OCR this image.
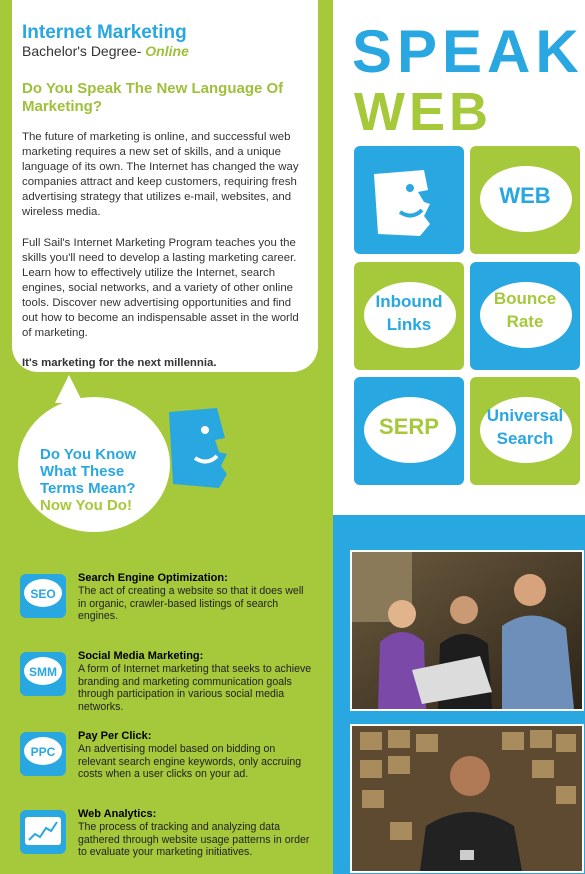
Internet Marketing
Bachelor's Degree- Online
Do You Speak The New Language Of Marketing?

The future of marketing is online, and successful web marketing requires a new set of skills, and a unique language of its own. The Internet has changed the way companies attract and keep customers, requiring fresh advertising strategy that utilizes e-mail, websites, and wireless media.

Full Sail's Internet Marketing Program teaches you the skills you'll need to develop a lasting marketing career. Learn how to effectively utilize the Internet, search engines, social networks, and a variety of other online tools. Discover new advertising opportunities and find out how to become an indispensable asset in the world of marketing.

It's marketing for the next millennia.

Do You Know
What These
Terms Mean?
Now You Do!
SEO
Search Engine Optimization:
The act of creating a website so that it does well in organic, crawler-based listings of search engines.
SMM
Social Media Marketing:
A form of Internet marketing that seeks to achieve branding and marketing communication goals through participation in various social media networks.
PPC
Pay Per Click:
An advertising model based on bidding on relevant search engine keywords, only accruing costs when a user clicks on your ad.
Web Analytics:
The process of tracking and analyzing data gathered through website usage patterns in order to evaluate your marketing initiatives.
SPEAK
WEB
WEB
Inbound
Links
Bounce
Rate
SERP	Universal
Search
